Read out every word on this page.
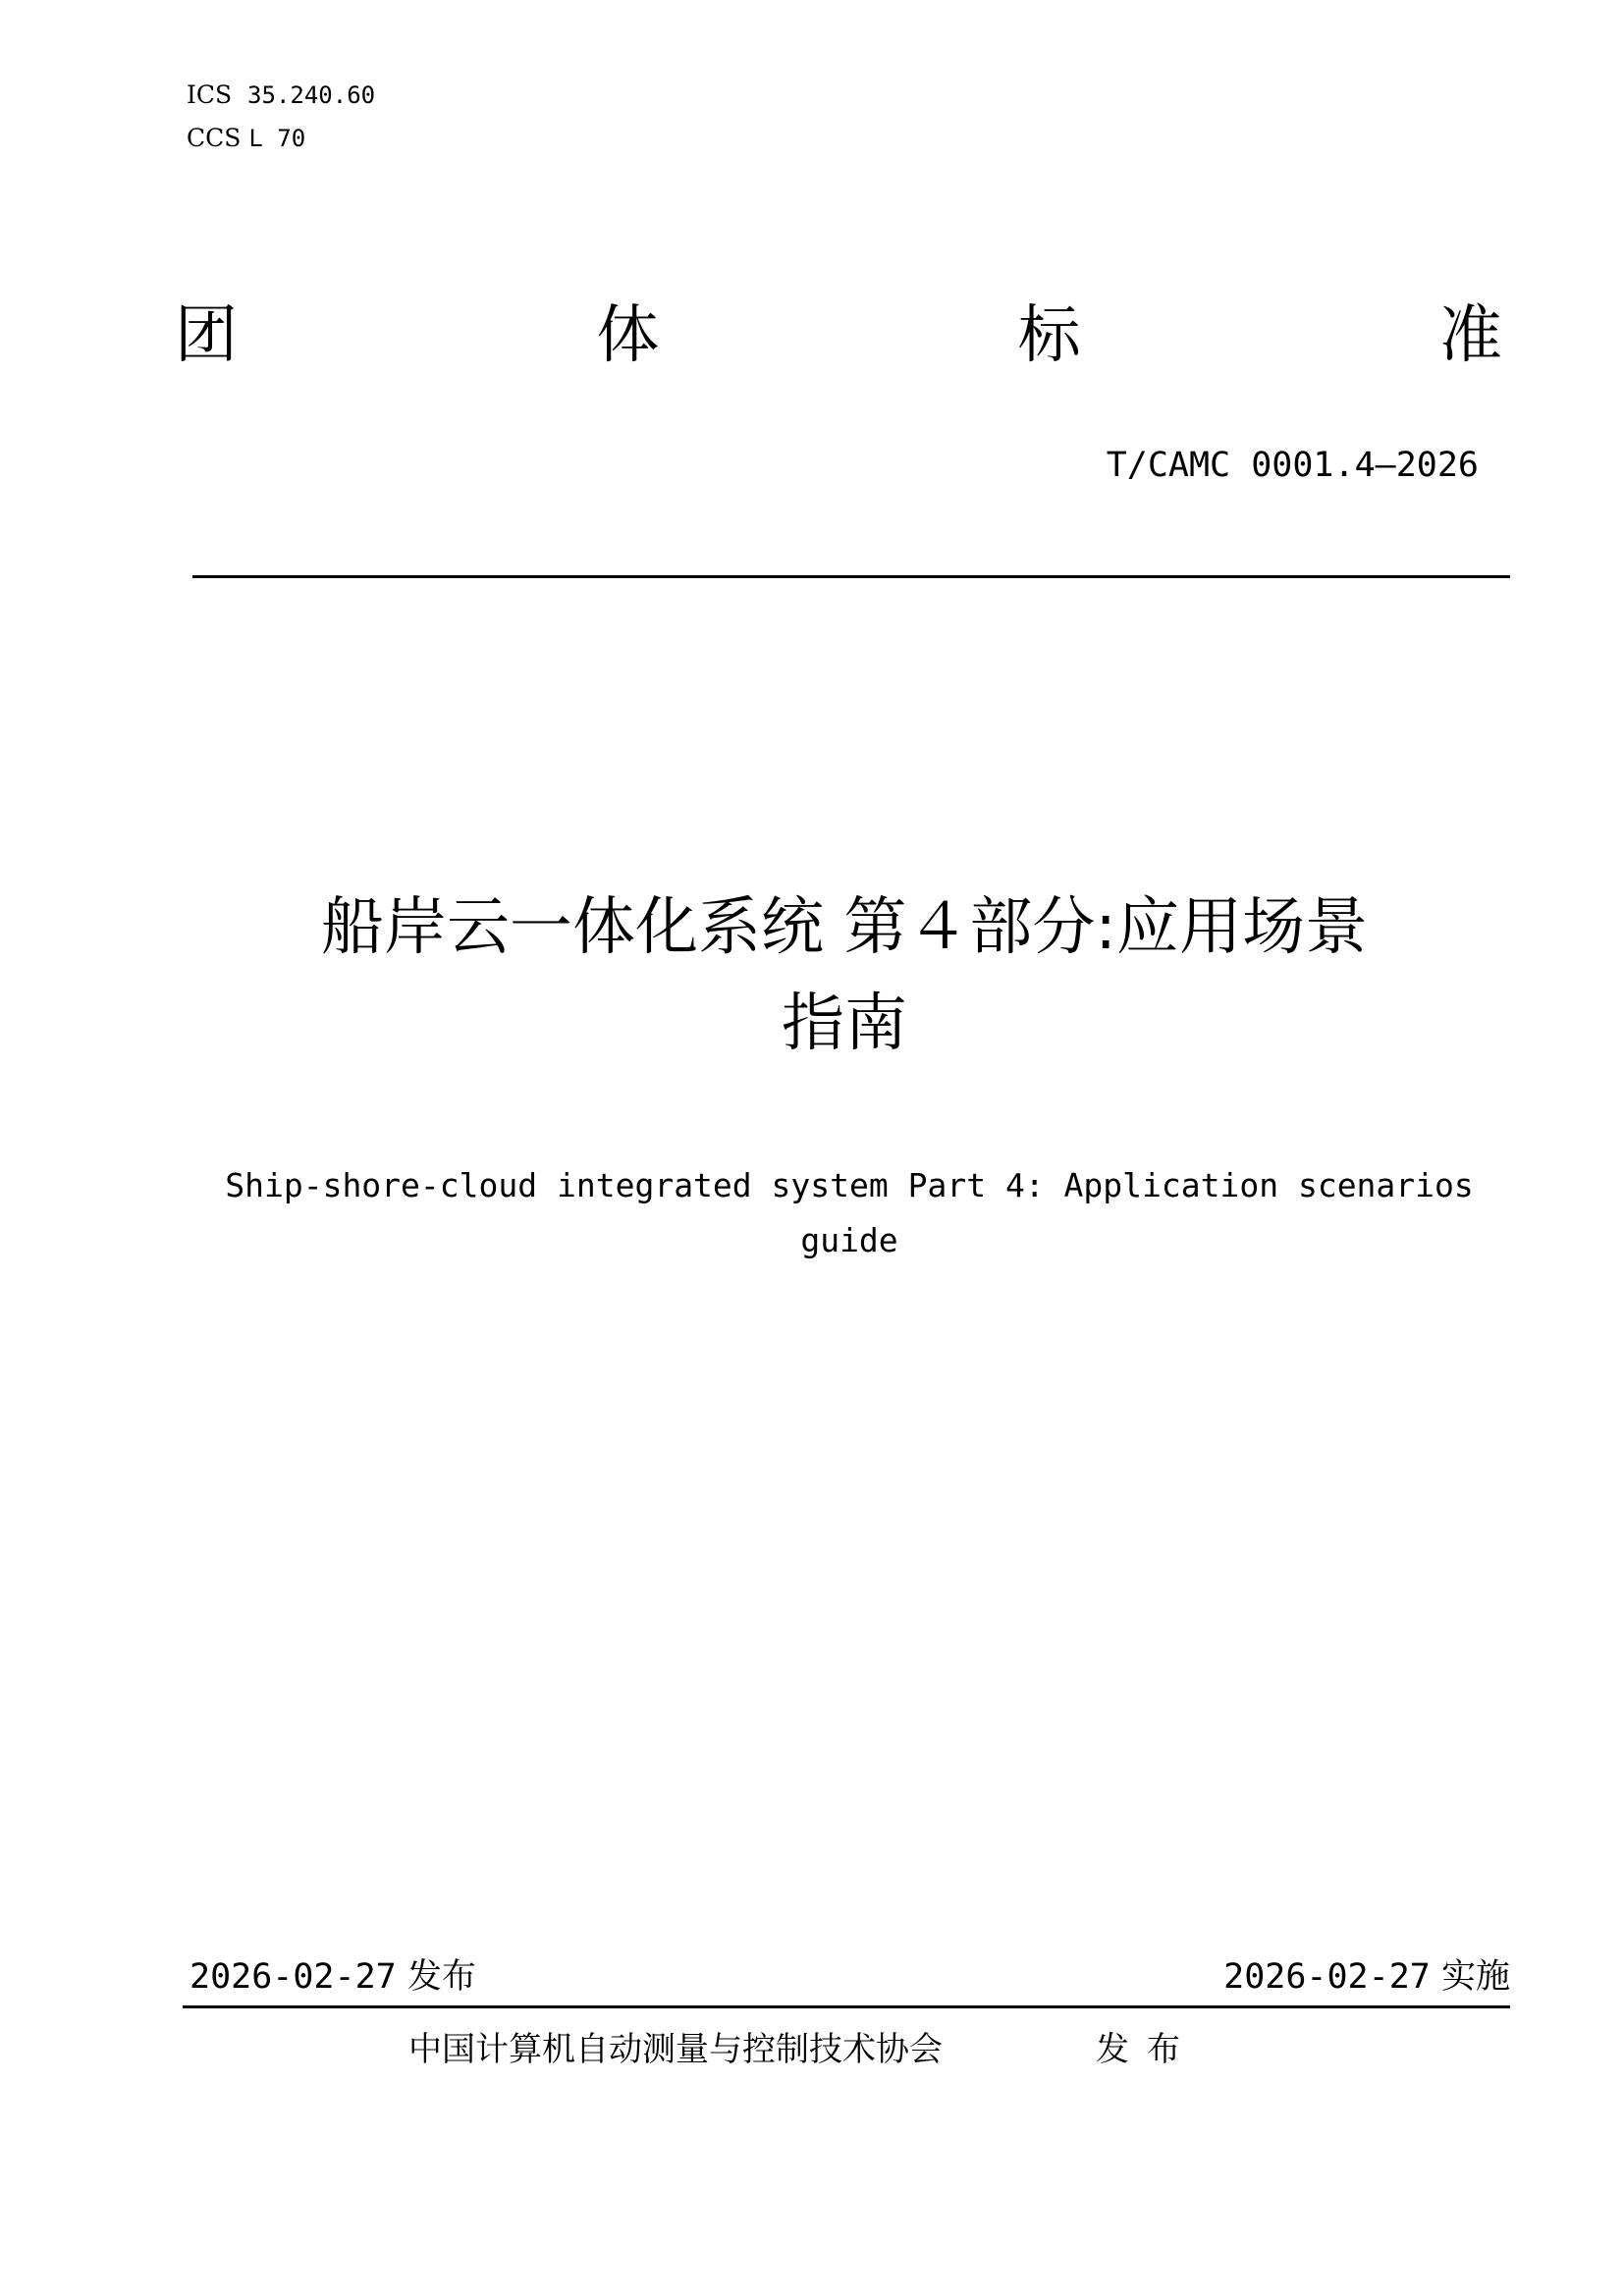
ICS 35.240.60
CCS L 70
团	体	标	准
T/CAMC 0001.4—2026
船岸云一体化系统 第４部分:应用场景
指南
Ship-shore-cloud integrated system Part 4: Application scenarios
guide
2026-02-27 发布	2026-02-27 实施
中国计算机自动测量与控制技术协会	发布
